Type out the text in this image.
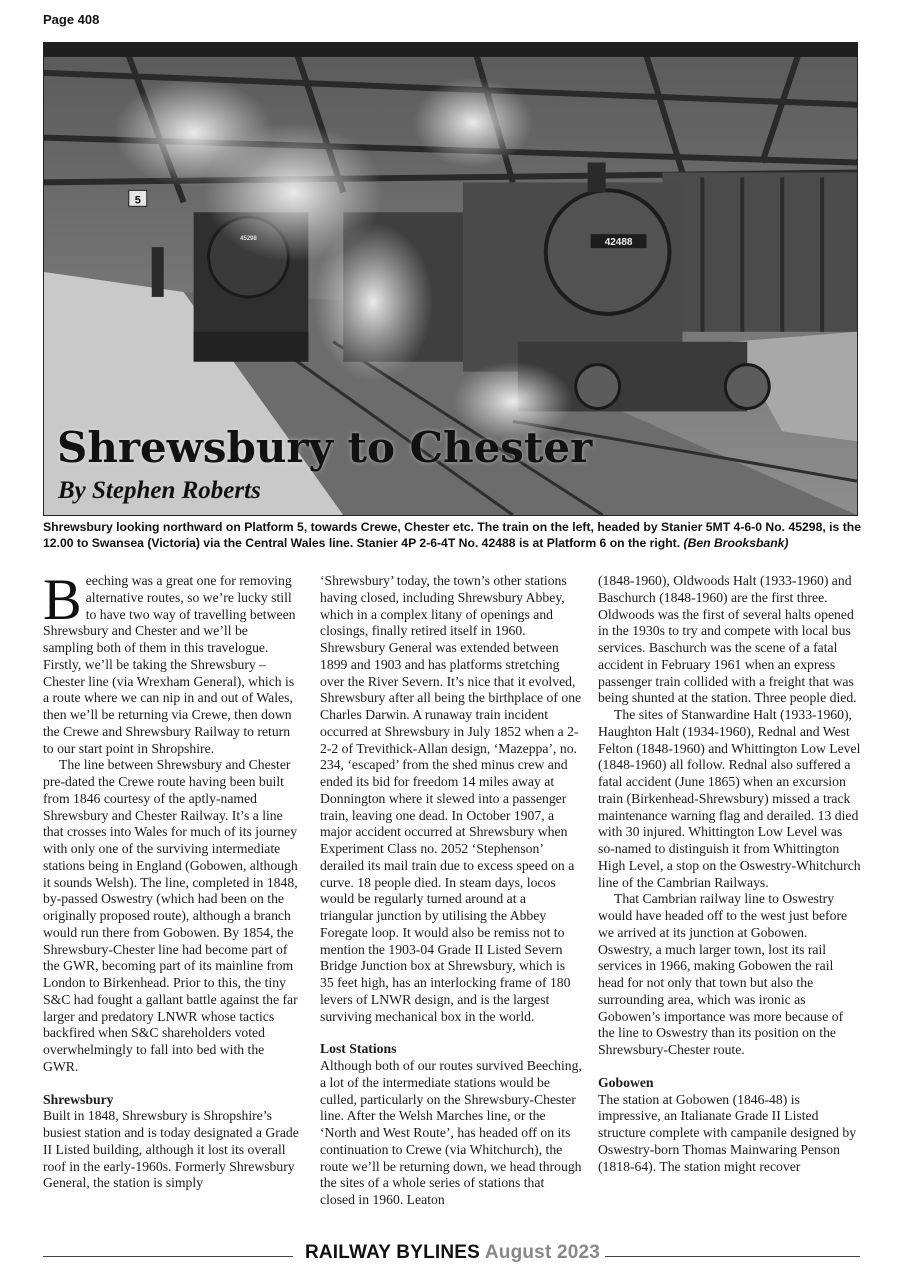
Page 408
42488
45298
5
Shrewsbury to Chester
By Stephen Roberts
Shrewsbury looking northward on Platform 5, towards Crewe, Chester etc. The train on the left, headed by Stanier 5MT 4-6-0 No. 45298, is the 12.00 to Swansea (Victoria) via the Central Wales line. Stanier 4P 2-6-4T No. 42488 is at Platform 6 on the right. (Ben Brooksbank)

Beeching was a great one for removing alternative routes, so we’re lucky still to have two way of travelling between Shrewsbury and Chester and we’ll be sampling both of them in this travelogue. Firstly, we’ll be taking the Shrewsbury – Chester line (via Wrexham General), which is a route where we can nip in and out of Wales, then we’ll be returning via Crewe, then down the Crewe and Shrewsbury Railway to return to our start point in Shropshire.

The line between Shrewsbury and Chester pre-dated the Crewe route having been built from 1846 courtesy of the aptly-named Shrewsbury and Chester Railway. It’s a line that crosses into Wales for much of its journey with only one of the surviving intermediate stations being in England (Gobowen, although it sounds Welsh). The line, completed in 1848, by-passed Oswestry (which had been on the originally proposed route), although a branch would run there from Gobowen. By 1854, the Shrewsbury-Chester line had become part of the GWR, becoming part of its mainline from London to Birkenhead. Prior to this, the tiny S&C had fought a gallant battle against the far larger and predatory LNWR whose tactics backfired when S&C shareholders voted overwhelmingly to fall into bed with the GWR.

Shrewsbury

Built in 1848, Shrewsbury is Shropshire’s busiest station and is today designated a Grade II Listed building, although it lost its overall roof in the early-1960s. Formerly Shrewsbury General, the station is simply

‘Shrewsbury’ today, the town’s other stations having closed, including Shrewsbury Abbey, which in a complex litany of openings and closings, finally retired itself in 1960. Shrewsbury General was extended between 1899 and 1903 and has platforms stretching over the River Severn. It’s nice that it evolved, Shrewsbury after all being the birthplace of one Charles Darwin. A runaway train incident occurred at Shrewsbury in July 1852 when a 2-2-2 of Trevithick-Allan design, ‘Mazeppa’, no. 234, ‘escaped’ from the shed minus crew and ended its bid for freedom 14 miles away at Donnington where it slewed into a passenger train, leaving one dead. In October 1907, a major accident occurred at Shrewsbury when Experiment Class no. 2052 ‘Stephenson’ derailed its mail train due to excess speed on a curve. 18 people died. In steam days, locos would be regularly turned around at a triangular junction by utilising the Abbey Foregate loop. It would also be remiss not to mention the 1903-04 Grade II Listed Severn Bridge Junction box at Shrewsbury, which is 35 feet high, has an interlocking frame of 180 levers of LNWR design, and is the largest surviving mechanical box in the world.

Lost Stations

Although both of our routes survived Beeching, a lot of the intermediate stations would be culled, particularly on the Shrewsbury-Chester line. After the Welsh Marches line, or the ‘North and West Route’, has headed off on its continuation to Crewe (via Whitchurch), the route we’ll be returning down, we head through the sites of a whole series of stations that closed in 1960. Leaton

(1848-1960), Oldwoods Halt (1933-1960) and Baschurch (1848-1960) are the first three. Oldwoods was the first of several halts opened in the 1930s to try and compete with local bus services. Baschurch was the scene of a fatal accident in February 1961 when an express passenger train collided with a freight that was being shunted at the station. Three people died.

The sites of Stanwardine Halt (1933-1960), Haughton Halt (1934-1960), Rednal and West Felton (1848-1960) and Whittington Low Level (1848-1960) all follow. Rednal also suffered a fatal accident (June 1865) when an excursion train (Birkenhead-Shrewsbury) missed a track maintenance warning flag and derailed. 13 died with 30 injured. Whittington Low Level was so-named to distinguish it from Whittington High Level, a stop on the Oswestry-Whitchurch line of the Cambrian Railways.

That Cambrian railway line to Oswestry would have headed off to the west just before we arrived at its junction at Gobowen. Oswestry, a much larger town, lost its rail services in 1966, making Gobowen the rail head for not only that town but also the surrounding area, which was ironic as Gobowen’s importance was more because of the line to Oswestry than its position on the Shrewsbury-Chester route.

Gobowen

The station at Gobowen (1846-48) is impressive, an Italianate Grade II Listed structure complete with campanile designed by Oswestry-born Thomas Mainwaring Penson (1818-64). The station might recover

RAILWAY BYLINES August 2023
